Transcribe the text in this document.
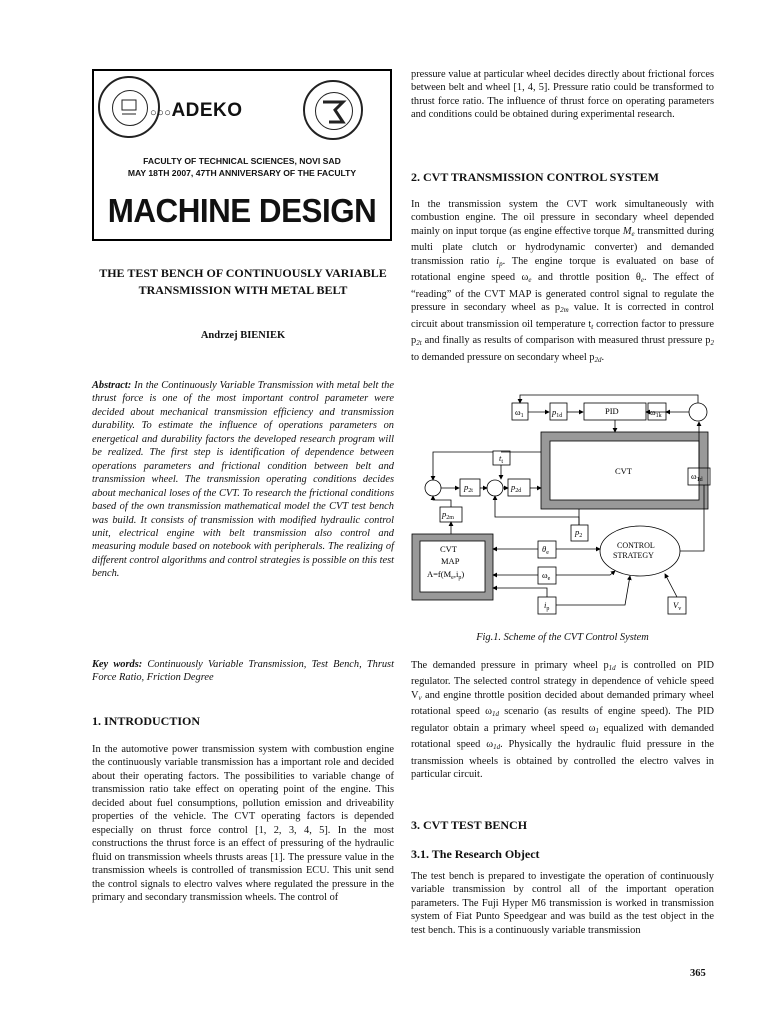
○○○ADEKO
FACULTY OF TECHNICAL SCIENCES, NOVI SAD
MAY 18TH 2007, 47TH ANNIVERSARY OF THE FACULTY
MACHINE DESIGN
THE TEST BENCH OF CONTINUOUSLY VARIABLE TRANSMISSION WITH METAL BELT
Andrzej BIENIEK
Abstract: In the Continuously Variable Transmission with metal belt the thrust force is one of the most important control parameter were decided about mechanical transmission efficiency and transmission durability. To estimate the influence of operations parameters on energetical and durability factors the developed research program will be realized. The first step is identification of dependence between operations parameters and frictional condition between belt and transmission wheel. The transmission operating conditions decides about mechanical loses of the CVT. To research the frictional conditions based of the own transmission mathematical model the CVT test bench was build. It consists of transmission with modified hydraulic control unit, electrical engine with belt transmission also control and measuring module based on notebook with peripherals. The realizing of different control algorithms and control strategies is possible on this test bench.
Key words: Continuously Variable Transmission, Test Bench, Thrust Force Ratio, Friction Degree
1. INTRODUCTION

In the automotive power transmission system with combustion engine the continuously variable transmission has a important role and decided about their operating factors. The possibilities to variable change of transmission ratio take effect on operating point of the engine. This decided about fuel consumptions, pollution emission and driveability properties of the vehicle. The CVT operating factors is depended especially on thrust force control [1, 2, 3, 4, 5]. In the most constructions the thrust force is an effect of pressuring of the hydraulic fluid on transmission wheels thrusts areas [1]. The pressure value in the transmission wheels is controlled of transmission ECU. This unit send the control signals to electro valves where regulated the pressure in the primary and secondary transmission wheels. The control of

pressure value at particular wheel decides directly about frictional forces between belt and wheel [1, 4, 5]. Pressure ratio could be transformed to thrust force ratio. The influence of thrust force on operating parameters and conditions could be obtained during experimental research.

2. CVT TRANSMISSION CONTROL SYSTEM

In the transmission system the CVT work simultaneously with combustion engine. The oil pressure in secondary wheel depended mainly on input torque (as engine effective torque $M_e$ transmitted during multi plate clutch or hydrodynamic converter) and demanded transmission ratio $i_p$. The engine torque is evaluated on base of rotational engine speed $\omega_e$ and throttle position $\theta_e$. The effect of “reading” of the CVT MAP is generated control signal to regulate the pressure in secondary wheel as $p_{2m}$ value. It is corrected in control circuit about transmission oil temperature $t_t$ correction factor to pressure $p_{2t}$ and finally as results of comparison with measured thrust pressure $p_2$ to demanded pressure on secondary wheel $p_{2d}$.

$\omega_1$	$p_{1d}$	PID	$\omega_{1k}$
$t_t$
CVT	$\omega_{1d}$
$p_{2t}$	$p_{2d}$
$p_{2m}$
$p_2$
CVT
MAP
$A=f(M_e,i_p)$
$\theta_e$
$\omega_e$
$i_p$
CONTROL
STRATEGY
$V_v$
Fig.1. Scheme of the CVT Control System

The demanded pressure in primary wheel $p_{1d}$ is controlled on PID regulator. The selected control strategy in dependence of vehicle speed $V_v$ and engine throttle position decided about demanded primary wheel rotational speed $\omega_{1d}$ scenario (as results of engine speed). The PID regulator obtain a primary wheel speed $\omega_1$ equalized with demanded rotational speed $\omega_{1d}$. Physically the hydraulic fluid pressure in the transmission wheels is obtained by controlled the electro valves in particular circuit.

3. CVT TEST BENCH
3.1. The Research Object

The test bench is prepared to investigate the operation of continuously variable transmission by control all of the important operation parameters. The Fuji Hyper M6 transmission is worked in transmission system of Fiat Punto Speedgear and was build as the test object in the test bench. This is a continuously variable transmission

365
